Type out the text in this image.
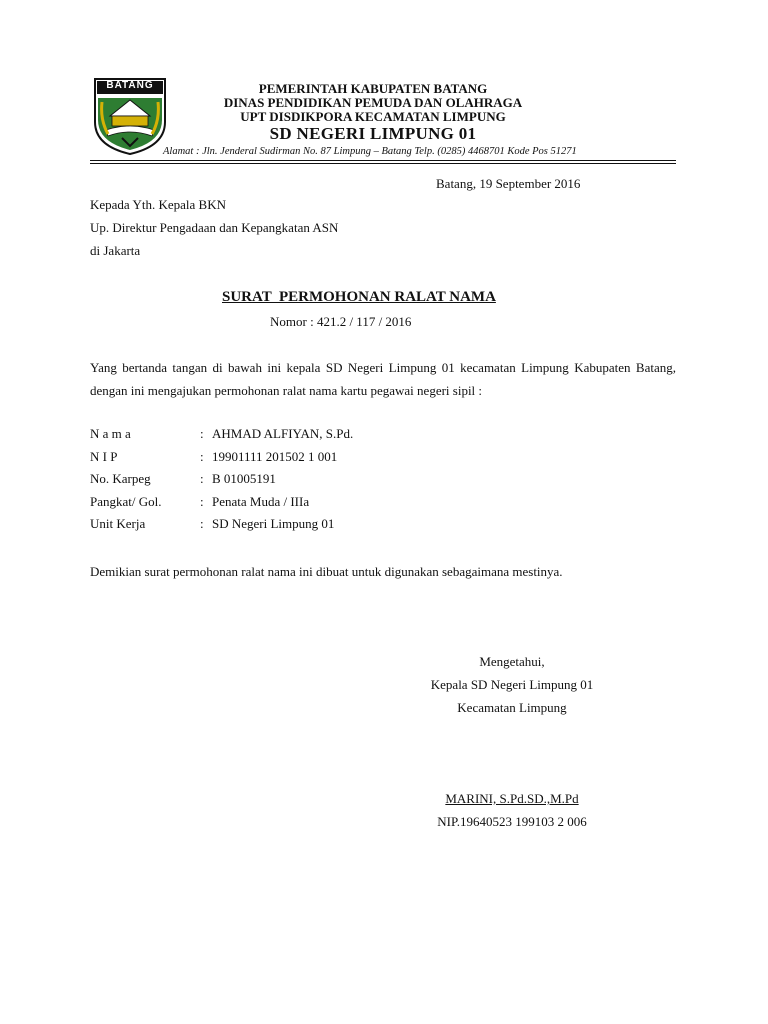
BATANG	PEMERINTAH KABUPATEN BATANG
DINAS PENDIDIKAN PEMUDA DAN OLAHRAGA
UPT DISDIKPORA KECAMATAN LIMPUNG
SD NEGERI LIMPUNG 01
Alamat : Jln. Jenderal Sudirman No. 87 Limpung – Batang Telp. (0285) 4468701 Kode Pos 51271
Batang, 19 September 2016
Kepada Yth. Kepala BKN
Up. Direktur Pengadaan dan Kepangkatan ASN
di Jakarta
SURAT  PERMOHONAN RALAT NAMA
Nomor : 421.2 / 117 / 2016
Yang bertanda tangan di bawah ini kepala SD Negeri Limpung 01 kecamatan Limpung Kabupaten Batang, dengan ini mengajukan permohonan ralat nama kartu pegawai negeri sipil :
N a m a	: AHMAD ALFIYAN, S.Pd.
N I P	: 19901111 201502 1 001
No. Karpeg	: B 01005191
Pangkat/ Gol.	: Penata Muda / IIIa
Unit Kerja	: SD Negeri Limpung 01
Demikian surat permohonan ralat nama ini dibuat untuk digunakan sebagaimana mestinya.
Mengetahui,
Kepala SD Negeri Limpung 01
Kecamatan Limpung
MARINI, S.Pd.SD.,M.Pd
NIP.19640523 199103 2 006
